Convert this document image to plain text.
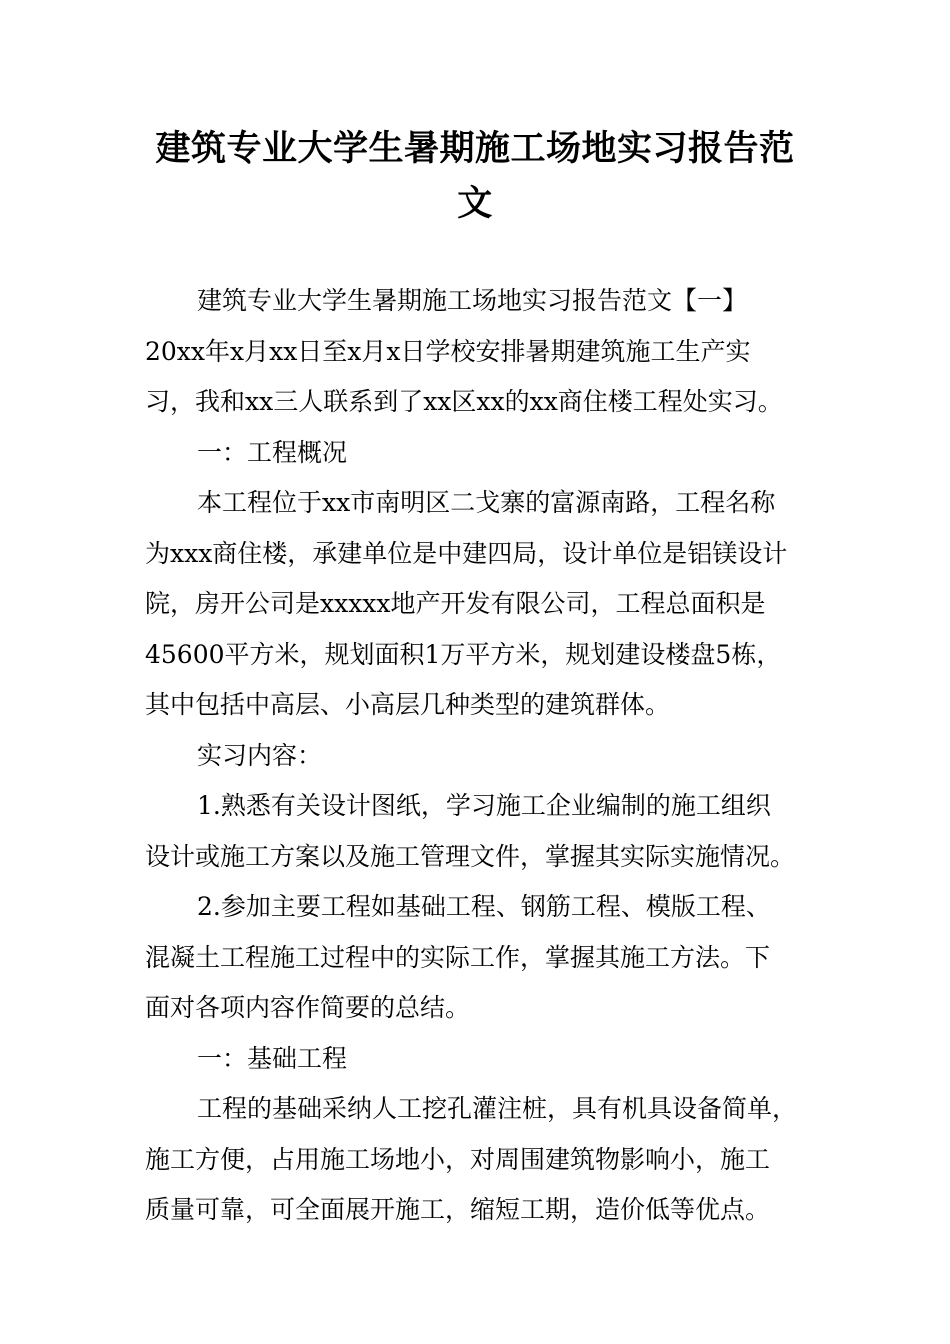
建筑专业大学生暑期施工场地实习报告范
文

建筑专业大学生暑期施工场地实习报告范文【一】

20xx年x月xx日至x月x日学校安排暑期建筑施工生产实
习，我和xx三人联系到了xx区xx的xx商住楼工程处实习。

一：工程概况

本工程位于xx市南明区二戈寨的富源南路，工程名称
为xxx商住楼，承建单位是中建四局，设计单位是铝镁设计
院，房开公司是xxxxx地产开发有限公司，工程总面积是
45600平方米，规划面积1万平方米，规划建设楼盘5栋，
其中包括中高层、小高层几种类型的建筑群体。

实习内容：

1.熟悉有关设计图纸，学习施工企业编制的施工组织
设计或施工方案以及施工管理文件，掌握其实际实施情况。

2.参加主要工程如基础工程、钢筋工程、模版工程、
混凝土工程施工过程中的实际工作，掌握其施工方法。下
面对各项内容作简要的总结。

一：基础工程

工程的基础采纳人工挖孔灌注桩，具有机具设备简单，
施工方便，占用施工场地小，对周围建筑物影响小，施工
质量可靠，可全面展开施工，缩短工期，造价低等优点。
